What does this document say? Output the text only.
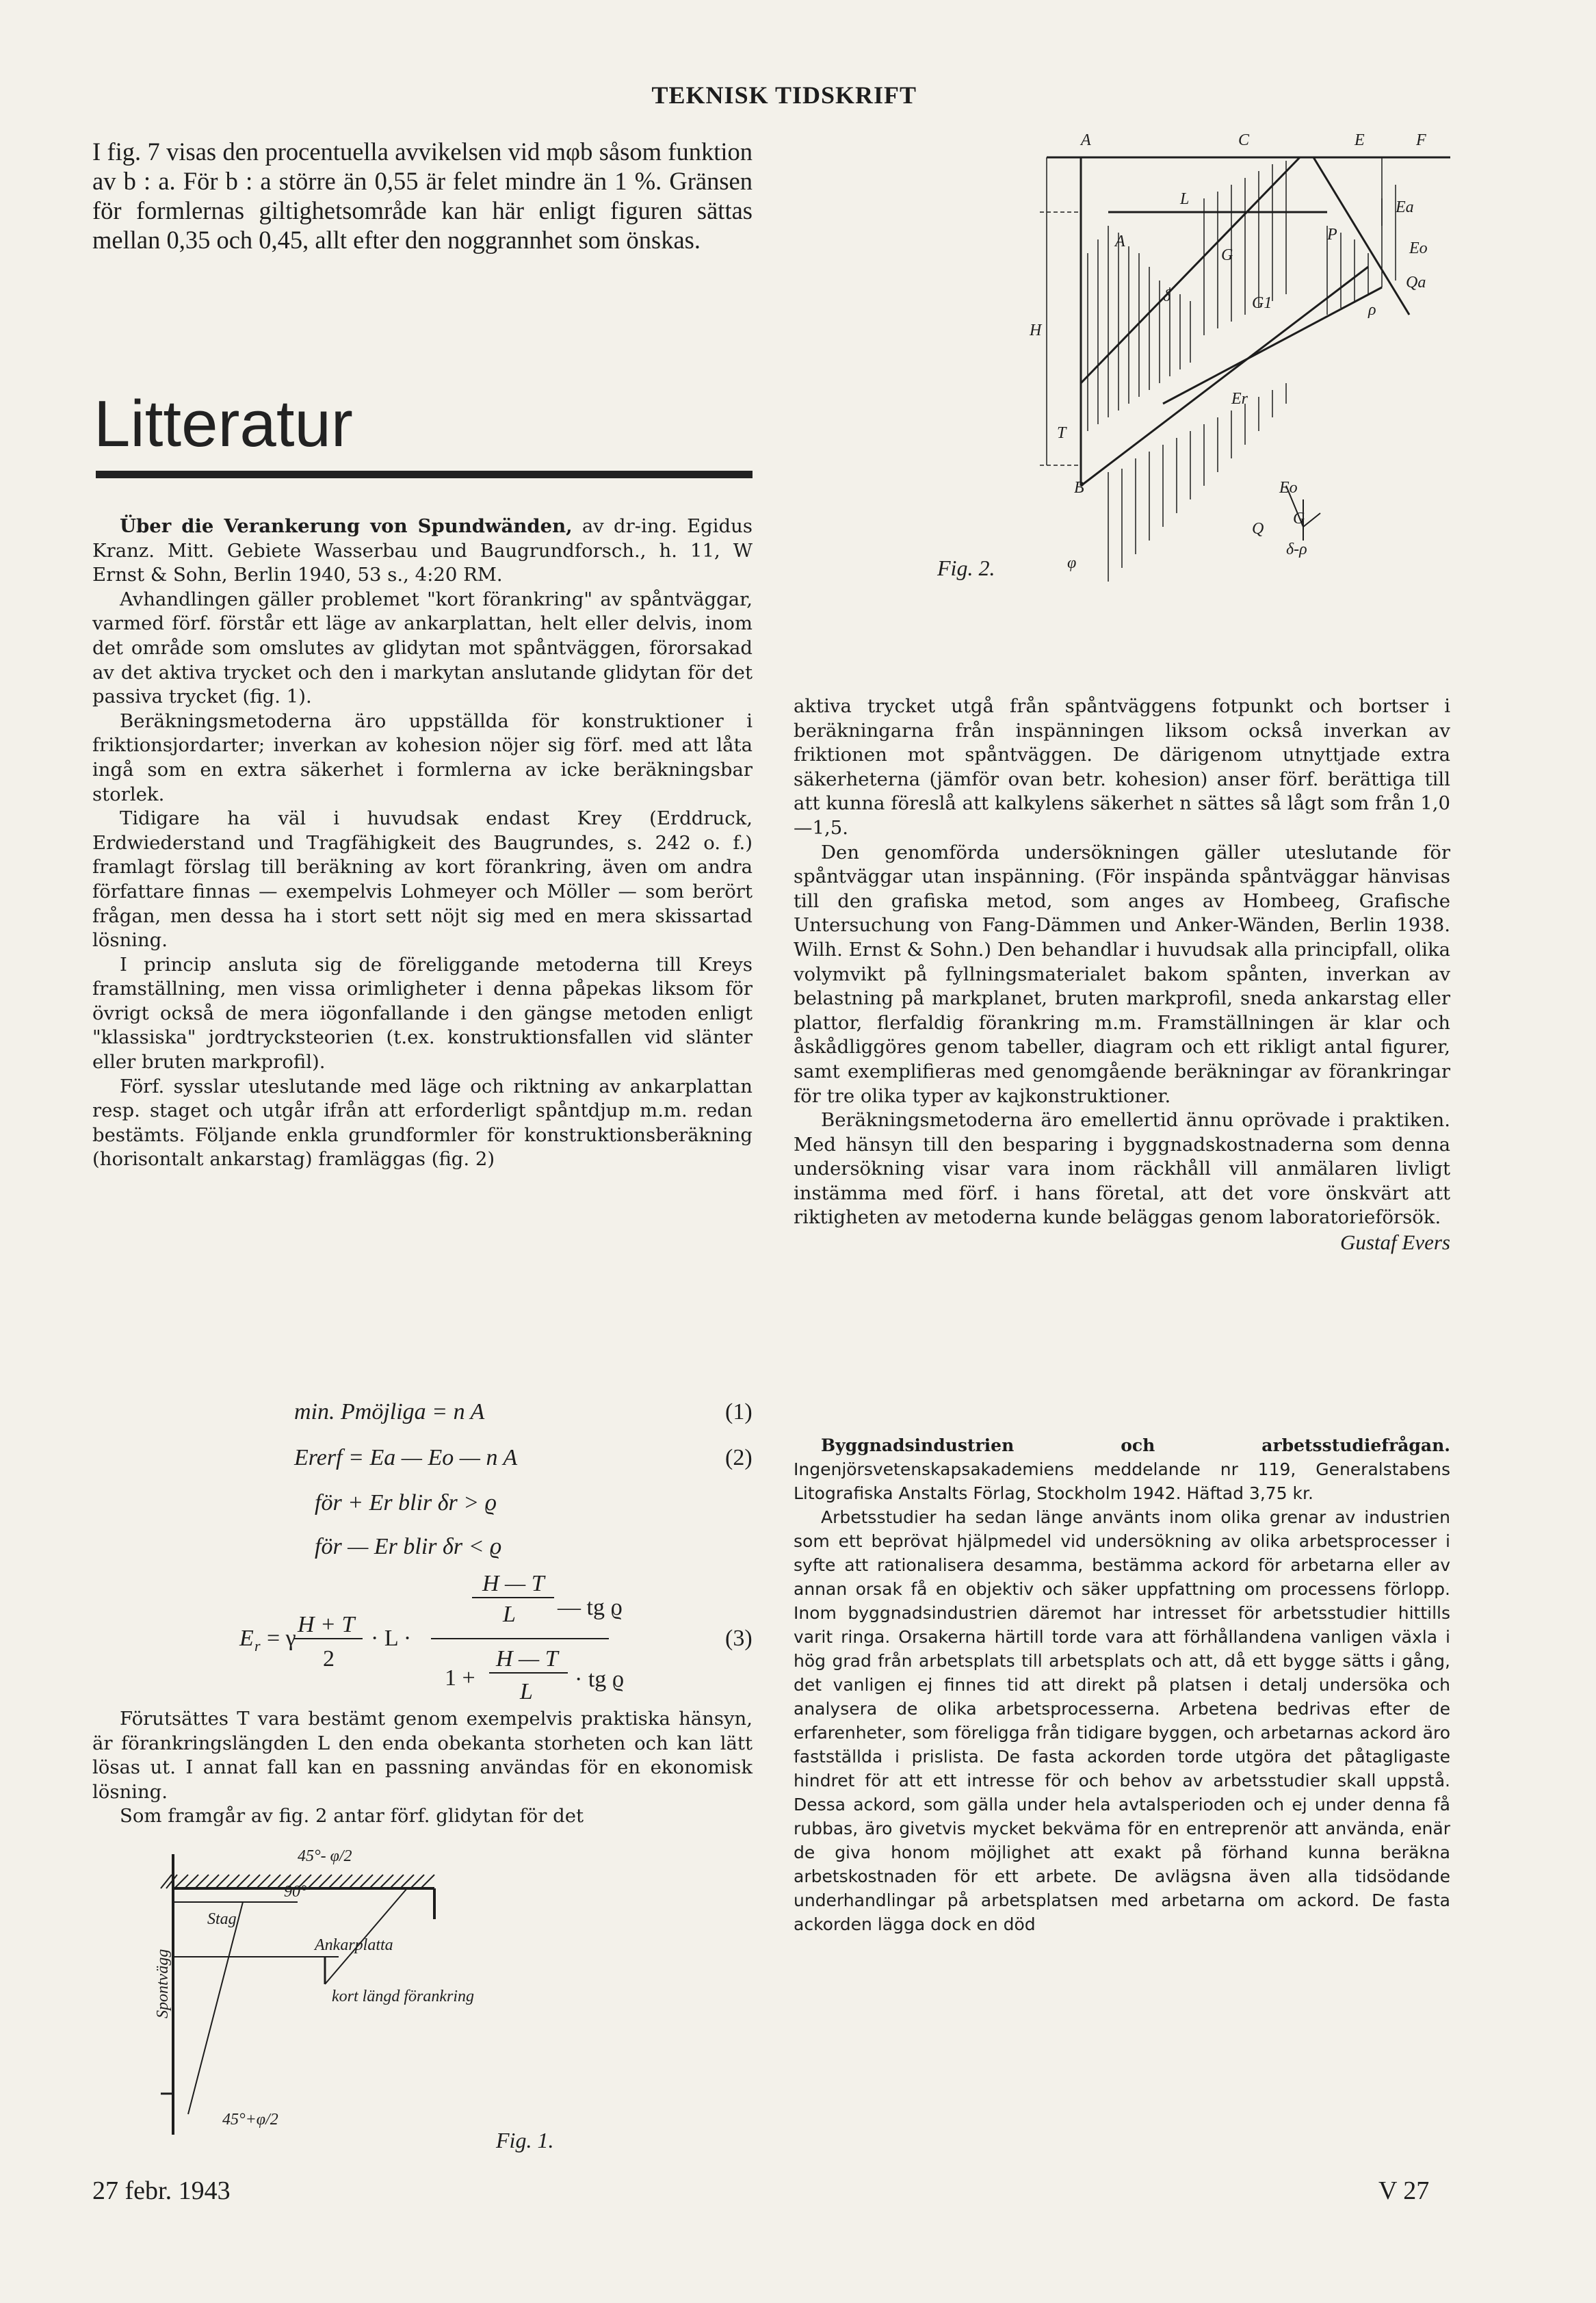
TEKNISK TIDSKRIFT

I fig. 7 visas den procentuella avvikelsen vid mφb såsom funktion av b : a. För b : a större än 0,55 är felet mindre än 1 %. Gränsen för formlernas giltighetsområde kan här enligt figuren sättas mellan 0,35 och 0,45, allt efter den noggrannhet som önskas.

Litteratur

Über die Verankerung von Spundwänden, av dr-ing. Egidus Kranz. Mitt. Gebiete Wasserbau und Baugrundforsch., h. 11, W Ernst & Sohn, Berlin 1940, 53 s., 4:20 RM.

Avhandlingen gäller problemet "kort förankring" av spåntväggar, varmed förf. förstår ett läge av ankarplattan, helt eller delvis, inom det område som omslutes av glidytan mot spåntväggen, förorsakad av det aktiva trycket och den i markytan anslutande glidytan för det passiva trycket (fig. 1).

Beräkningsmetoderna äro uppställda för konstruktioner i friktionsjordarter; inverkan av kohesion nöjer sig förf. med att låta ingå som en extra säkerhet i formlerna av icke beräkningsbar storlek.

Tidigare ha väl i huvudsak endast Krey (Erddruck, Erdwiederstand und Tragfähigkeit des Baugrundes, s. 242 o. f.) framlagt förslag till beräkning av kort förankring, även om andra författare finnas — exempelvis Lohmeyer och Möller — som berört frågan, men dessa ha i stort sett nöjt sig med en mera skissartad lösning.

I princip ansluta sig de föreliggande metoderna till Kreys framställning, men vissa orimligheter i denna påpekas liksom för övrigt också de mera iögonfallande i den gängse metoden enligt "klassiska" jordtrycksteorien (t.ex. konstruktionsfallen vid slänter eller bruten markprofil).

Förf. sysslar uteslutande med läge och riktning av ankarplattan resp. staget och utgår ifrån att erforderligt spåntdjup m.m. redan bestämts. Följande enkla grundformler för konstruktionsberäkning (horisontalt ankarstag) framläggas (fig. 2)

min. Pmöjliga = n A	(1)
Ererf = Ea — Eo — n A	(2)
för + Er blir δr > ϱ
för — Er blir δr < ϱ
E r = γ
H + T
2
· L ·
H — T
L — tg ϱ
1 +
H — T
L · tg ϱ
(3)

Förutsättes T vara bestämt genom exempelvis praktiska hänsyn, är förankringslängden L den enda obekanta storheten och kan lätt lösas ut. I annat fall kan en passning användas för en ekonomisk lösning.

Som framgår av fig. 2 antar förf. glidytan för det

45°- φ/2
90°
Stag
Spontvägg
Ankarplatta
kort längd förankring
45°+φ/2
Fig. 1.
A	C	E	F
L
H
A	P
G	Eo
Ea
G1
Er
T
B	Eo
Q
G
δ-ρ
Qa
ρ
δ
φ
Fig. 2.

aktiva trycket utgå från spåntväggens fotpunkt och bortser i beräkningarna från inspänningen liksom också inverkan av friktionen mot spåntväggen. De därigenom utnyttjade extra säkerheterna (jämför ovan betr. kohesion) anser förf. berättiga till att kunna föreslå att kalkylens säkerhet n sättes så lågt som från 1,0—1,5.

Den genomförda undersökningen gäller uteslutande för spåntväggar utan inspänning. (För inspända spåntväggar hänvisas till den grafiska metod, som anges av Hombeeg, Grafische Untersuchung von Fang-Dämmen und Anker-Wänden, Berlin 1938. Wilh. Ernst & Sohn.) Den behandlar i huvudsak alla principfall, olika volymvikt på fyllningsmaterialet bakom spånten, inverkan av belastning på markplanet, bruten markprofil, sneda ankarstag eller plattor, flerfaldig förankring m.m. Framställningen är klar och åskådliggöres genom tabeller, diagram och ett rikligt antal figurer, samt exemplifieras med genomgående beräkningar av förankringar för tre olika typer av kajkonstruktioner.

Beräkningsmetoderna äro emellertid ännu oprövade i praktiken. Med hänsyn till den besparing i byggnadskostnaderna som denna undersökning visar vara inom räckhåll vill anmälaren livligt instämma med förf. i hans företal, att det vore önskvärt att riktigheten av metoderna kunde beläggas genom laboratorieförsök.

Gustaf Evers

Byggnadsindustrien och arbetsstudiefrågan. Ingenjörsvetenskapsakademiens meddelande nr 119, Generalstabens Litografiska Anstalts Förlag, Stockholm 1942. Häftad 3,75 kr.

Arbetsstudier ha sedan länge använts inom olika grenar av industrien som ett beprövat hjälpmedel vid undersökning av olika arbetsprocesser i syfte att rationalisera desamma, bestämma ackord för arbetarna eller av annan orsak få en objektiv och säker uppfattning om processens förlopp. Inom byggnadsindustrien däremot har intresset för arbetsstudier hittills varit ringa. Orsakerna härtill torde vara att förhållandena vanligen växla i hög grad från arbetsplats till arbetsplats och att, då ett bygge sätts i gång, det vanligen ej finnes tid att direkt på platsen i detalj undersöka och analysera de olika arbetsprocesserna. Arbetena bedrivas efter de erfarenheter, som föreligga från tidigare byggen, och arbetarnas ackord äro fastställda i prislista. De fasta ackorden torde utgöra det påtagligaste hindret för att ett intresse för och behov av arbetsstudier skall uppstå. Dessa ackord, som gälla under hela avtalsperioden och ej under denna få rubbas, äro givetvis mycket bekväma för en entreprenör att använda, enär de giva honom möjlighet att exakt på förhand kunna beräkna arbetskostnaden för ett arbete. De avlägsna även alla tidsödande underhandlingar på arbetsplatsen med arbetarna om ackord. De fasta ackorden lägga dock en död

27 febr. 1943	V 27
